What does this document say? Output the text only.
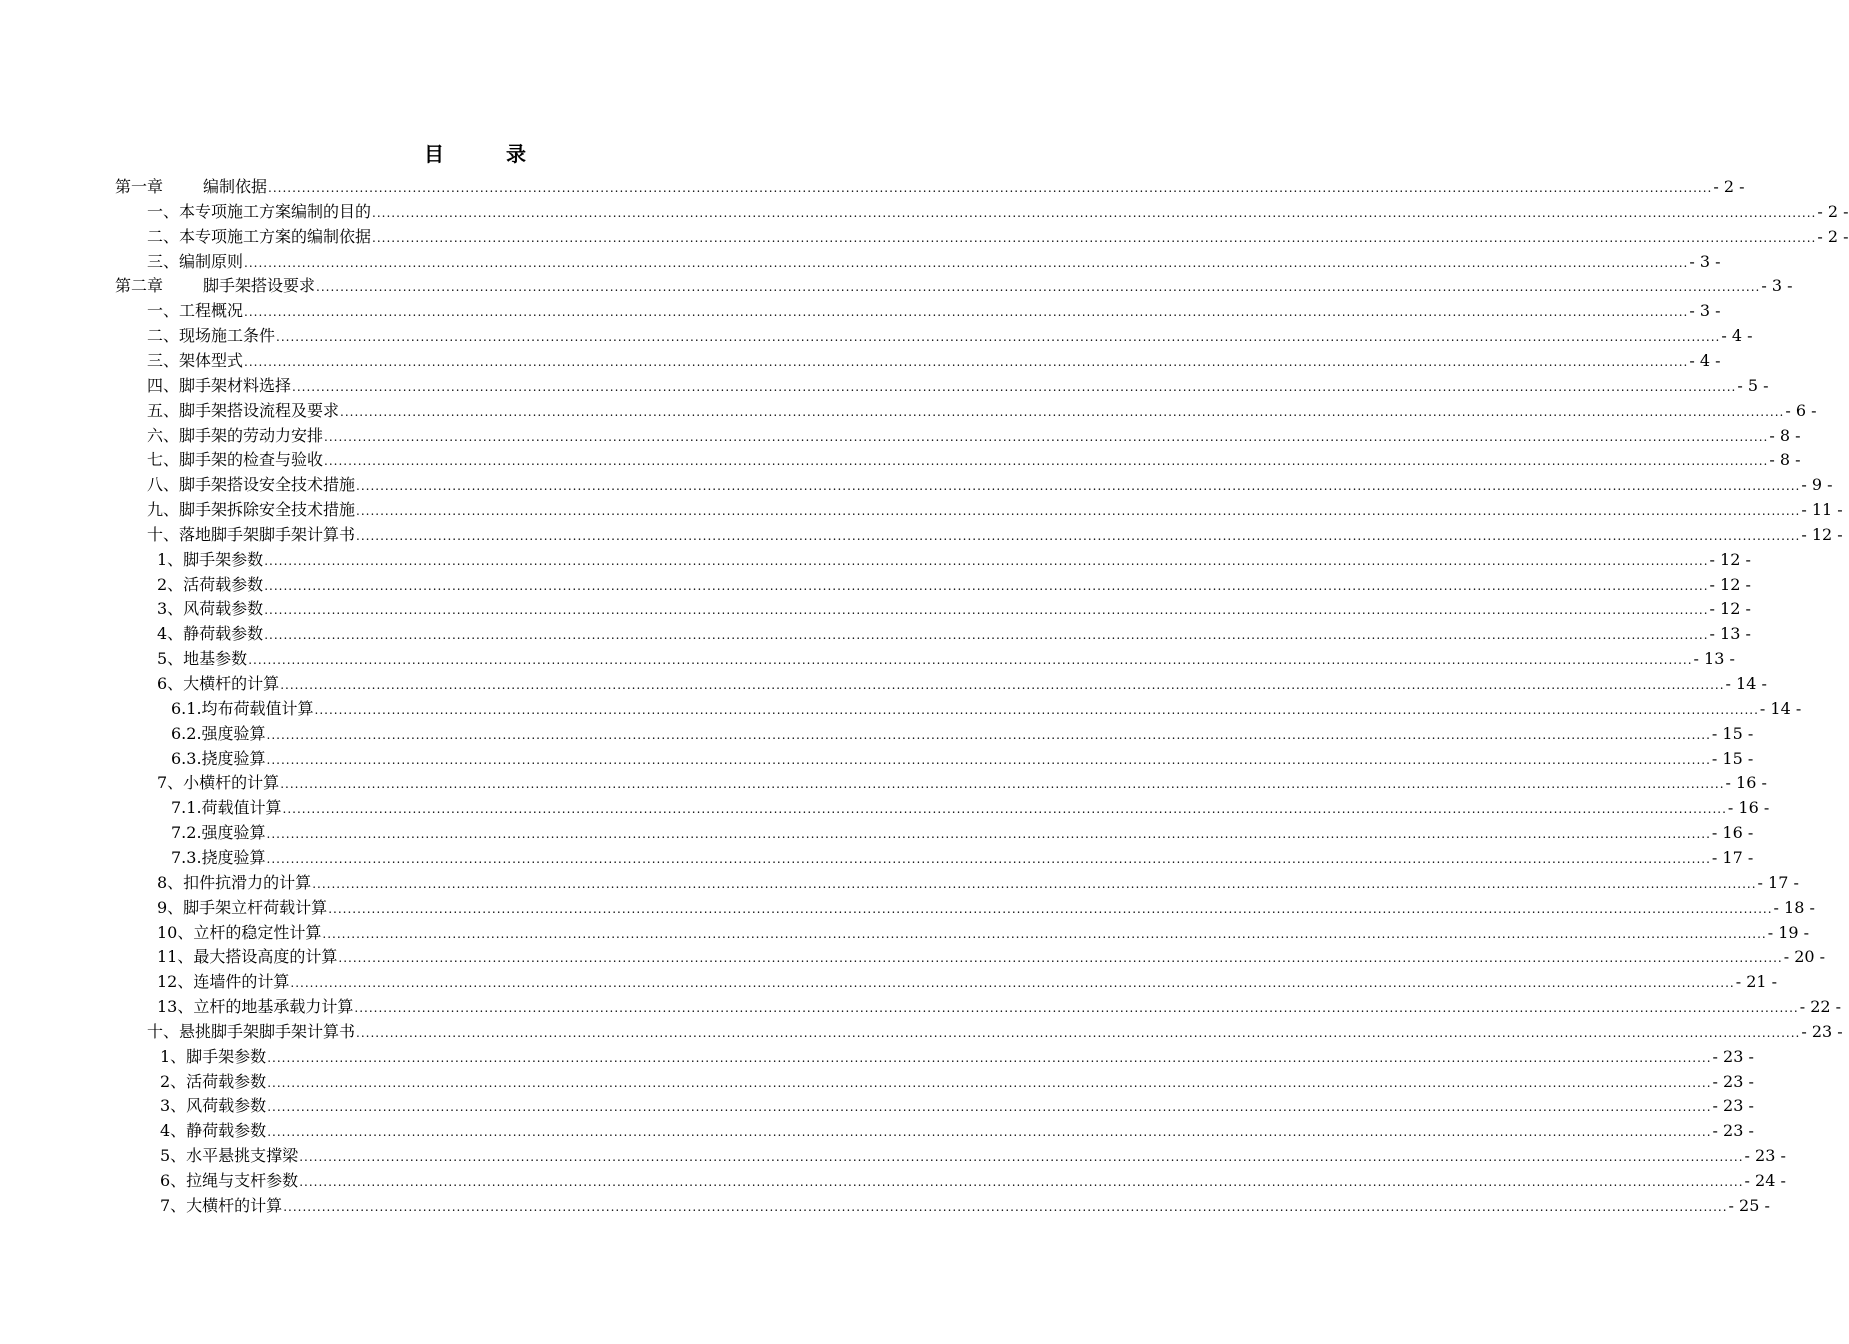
目	录
第一章	编制依据 ............................................................................................................................................................................................................................................................................................................ - 2 -
一、本专项施工方案编制的目的 ............................................................................................................................................................................................................................................................................................................ - 2 -
二、本专项施工方案的编制依据 ............................................................................................................................................................................................................................................................................................................ - 2 -
三、编制原则 ............................................................................................................................................................................................................................................................................................................ - 3 -
第二章	脚手架搭设要求 ............................................................................................................................................................................................................................................................................................................ - 3 -
一、工程概况 ............................................................................................................................................................................................................................................................................................................ - 3 -
二、现场施工条件 ............................................................................................................................................................................................................................................................................................................ - 4 -
三、架体型式 ............................................................................................................................................................................................................................................................................................................ - 4 -
四、脚手架材料选择 ............................................................................................................................................................................................................................................................................................................ - 5 -
五、脚手架搭设流程及要求 ............................................................................................................................................................................................................................................................................................................ - 6 -
六、脚手架的劳动力安排 ............................................................................................................................................................................................................................................................................................................ - 8 -
七、脚手架的检查与验收 ............................................................................................................................................................................................................................................................................................................ - 8 -
八、脚手架搭设安全技术措施 ............................................................................................................................................................................................................................................................................................................ - 9 -
九、脚手架拆除安全技术措施 ............................................................................................................................................................................................................................................................................................................ - 11 -
十、落地脚手架脚手架计算书 ............................................................................................................................................................................................................................................................................................................ - 12 -
1、脚手架参数 ............................................................................................................................................................................................................................................................................................................ - 12 -
2、活荷载参数 ............................................................................................................................................................................................................................................................................................................ - 12 -
3、风荷载参数 ............................................................................................................................................................................................................................................................................................................ - 12 -
4、静荷载参数 ............................................................................................................................................................................................................................................................................................................ - 13 -
5、地基参数 ............................................................................................................................................................................................................................................................................................................ - 13 -
6、大横杆的计算 ............................................................................................................................................................................................................................................................................................................ - 14 -
6.1.均布荷载值计算 ............................................................................................................................................................................................................................................................................................................ - 14 -
6.2.强度验算 ............................................................................................................................................................................................................................................................................................................ - 15 -
6.3.挠度验算 ............................................................................................................................................................................................................................................................................................................ - 15 -
7、小横杆的计算 ............................................................................................................................................................................................................................................................................................................ - 16 -
7.1.荷载值计算 ............................................................................................................................................................................................................................................................................................................ - 16 -
7.2.强度验算 ............................................................................................................................................................................................................................................................................................................ - 16 -
7.3.挠度验算 ............................................................................................................................................................................................................................................................................................................ - 17 -
8、扣件抗滑力的计算 ............................................................................................................................................................................................................................................................................................................ - 17 -
9、脚手架立杆荷载计算 ............................................................................................................................................................................................................................................................................................................ - 18 -
10、立杆的稳定性计算 ............................................................................................................................................................................................................................................................................................................ - 19 -
11、最大搭设高度的计算 ............................................................................................................................................................................................................................................................................................................ - 20 -
12、连墙件的计算 ............................................................................................................................................................................................................................................................................................................ - 21 -
13、立杆的地基承载力计算 ............................................................................................................................................................................................................................................................................................................ - 22 -
十、悬挑脚手架脚手架计算书 ............................................................................................................................................................................................................................................................................................................ - 23 -
1、脚手架参数 ............................................................................................................................................................................................................................................................................................................ - 23 -
2、活荷载参数 ............................................................................................................................................................................................................................................................................................................ - 23 -
3、风荷载参数 ............................................................................................................................................................................................................................................................................................................ - 23 -
4、静荷载参数 ............................................................................................................................................................................................................................................................................................................ - 23 -
5、水平悬挑支撑梁 ............................................................................................................................................................................................................................................................................................................ - 23 -
6、拉绳与支杆参数 ............................................................................................................................................................................................................................................................................................................ - 24 -
7、大横杆的计算 ............................................................................................................................................................................................................................................................................................................ - 25 -
